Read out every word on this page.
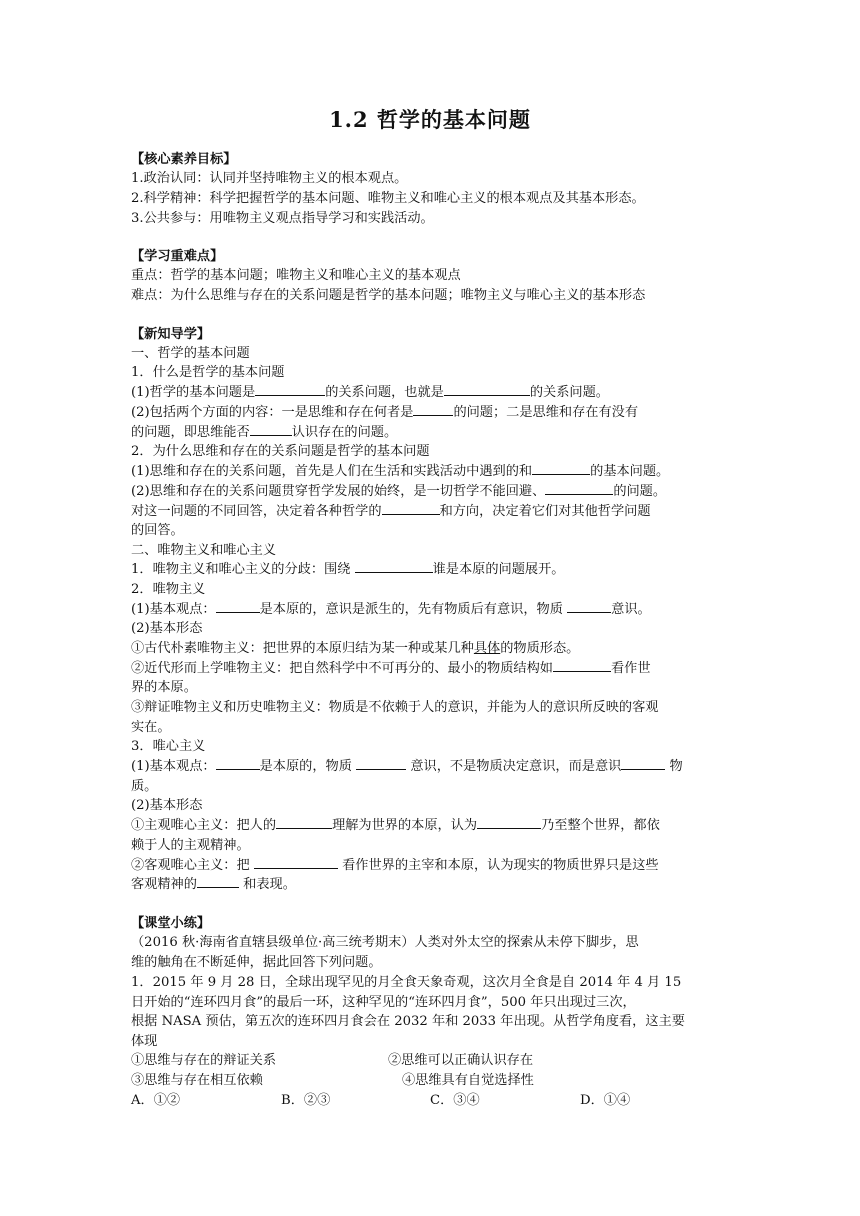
1.2 哲学的基本问题
【核心素养目标】
1.政治认同：认同并坚持唯物主义的根本观点。
2.科学精神：科学把握哲学的基本问题、唯物主义和唯心主义的根本观点及其基本形态。
3.公共参与：用唯物主义观点指导学习和实践活动。
【学习重难点】
重点：哲学的基本问题；唯物主义和唯心主义的基本观点
难点：为什么思维与存在的关系问题是哲学的基本问题；唯物主义与唯心主义的基本形态
【新知导学】
一、哲学的基本问题
1．什么是哲学的基本问题
(1)哲学的基本问题是	的关系问题，也就是	的关系问题。
(2)包括两个方面的内容：一是思维和存在何者是	的问题；二是思维和存在有没有
的问题，即思维能否	认识存在的问题。
2．为什么思维和存在的关系问题是哲学的基本问题
(1)思维和存在的关系问题，首先是人们在生活和实践活动中遇到的和	的基本问题。
(2)思维和存在的关系问题贯穿哲学发展的始终，是一切哲学不能回避、	的问题。
对这一问题的不同回答，决定着各种哲学的	和方向，决定着它们对其他哲学问题
的回答。
二、唯物主义和唯心主义
1．唯物主义和唯心主义的分歧：围绕	谁是本原的问题展开。
2．唯物主义
(1)基本观点：	是本原的，意识是派生的，先有物质后有意识，物质	意识。
(2)基本形态
①古代朴素唯物主义：把世界的本原归结为某一种或某几种具体的物质形态。
②近代形而上学唯物主义：把自然科学中不可再分的、最小的物质结构如	看作世
界的本原。
③辩证唯物主义和历史唯物主义：物质是不依赖于人的意识，并能为人的意识所反映的客观
实在。
3．唯心主义
(1)基本观点：	是本原的，物质	意识，不是物质决定意识，而是意识	物
质。
(2)基本形态
①主观唯心主义：把人的	理解为世界的本原，认为	乃至整个世界，都依
赖于人的主观精神。
②客观唯心主义：把	看作世界的主宰和本原，认为现实的物质世界只是这些
客观精神的	和表现。
【课堂小练】
（2016 秋·海南省直辖县级单位·高三统考期末）人类对外太空的探索从未停下脚步，思
维的触角在不断延伸，据此回答下列问题。
1．2015 年 9 月 28 日，全球出现罕见的月全食天象奇观，这次月全食是自 2014 年 4 月 15
日开始的“连环四月食”的最后一环，这种罕见的“连环四月食”，500 年只出现过三次，
根据 NASA 预估，第五次的连环四月食会在 2032 年和 2033 年出现。从哲学角度看，这主要
体现
①思维与存在的辩证关系	②思维可以正确认识存在
③思维与存在相互依赖	④思维具有自觉选择性
A．①②	B．②③	C．③④	D．①④
